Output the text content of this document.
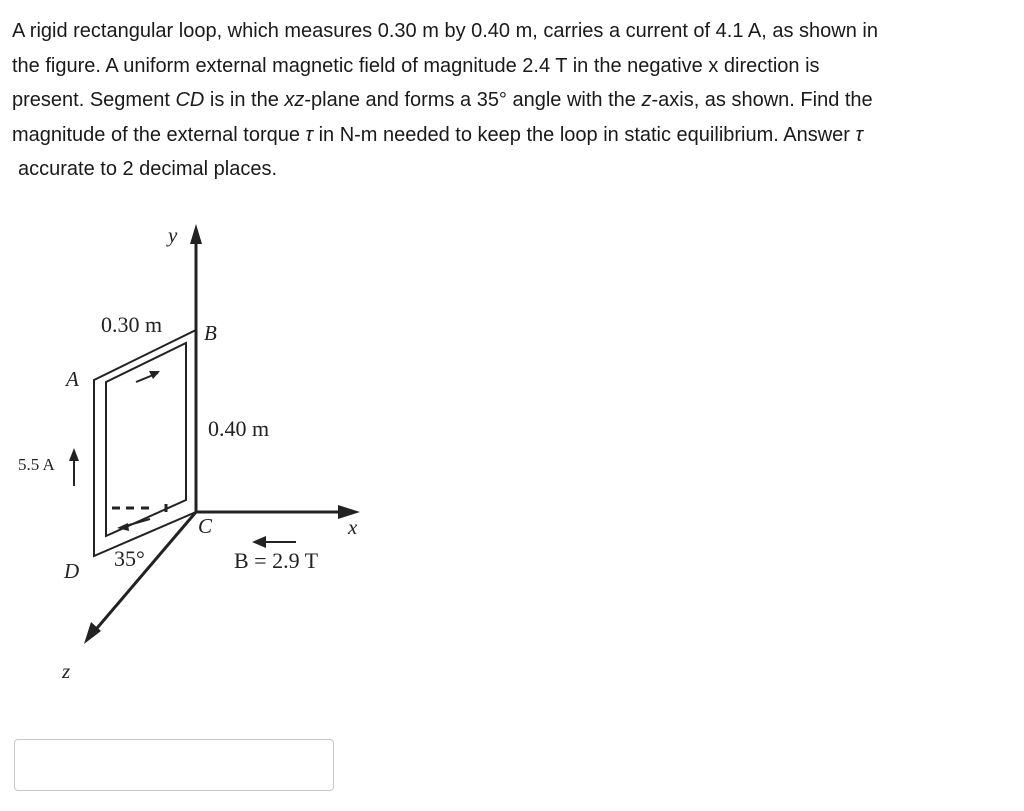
A rigid rectangular loop, which measures 0.30 m by 0.40 m, carries a current of 4.1 A, as shown in

the figure. A uniform external magnetic field of magnitude 2.4 T in the negative x direction is

present. Segment CD is in the xz-plane and forms a 35° angle with the z-axis, as shown. Find the

magnitude of the external torque τ in N-m needed to keep the loop in static equilibrium. Answer τ

accurate to 2 decimal places.

y
x
z
5.5 A
B = 2.9 T
0.30 m
0.40 m
A
B
C
D 35°
